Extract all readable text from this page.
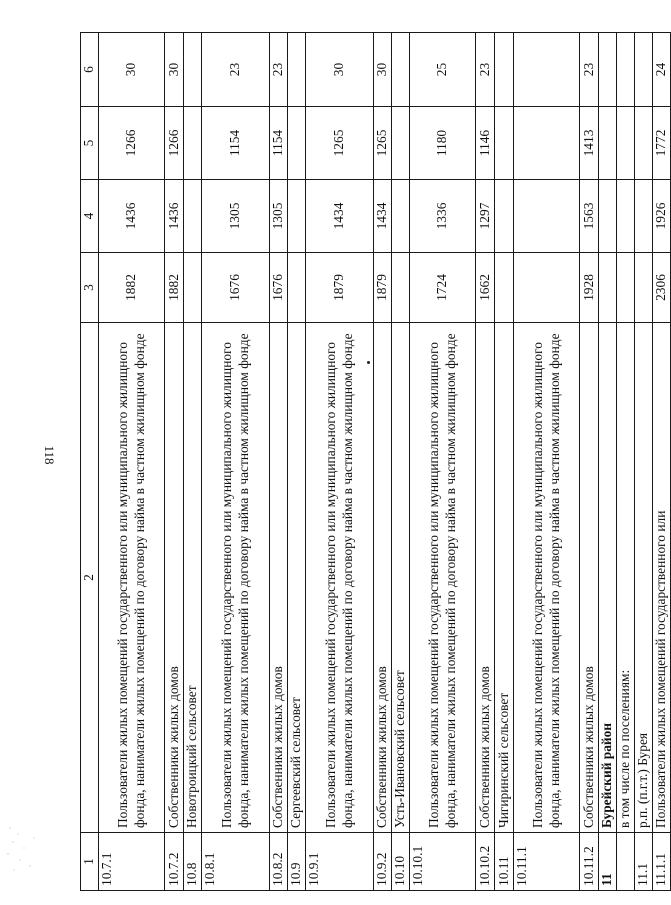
118
1	2	3	4	5	6
10.7.1	Пользователи жилых помещений государственного или муниципального жилищного фонда, наниматели жилых помещений по договору найма в частном жилищном фонде	1882	1436	1266	30
10.7.2	Собственники жилых домов	1882	1436	1266	30
10.8	Новотроицкий сельсовет				
10.8.1	Пользователи жилых помещений государственного или муниципального жилищного фонда, наниматели жилых помещений по договору найма в частном жилищном фонде	1676	1305	1154	23
10.8.2	Собственники жилых домов	1676	1305	1154	23
10.9	Сергеевский сельсовет				
10.9.1	Пользователи жилых помещений государственного или муниципального жилищного фонда, наниматели жилых помещений по договору найма в частном жилищном фонде	1879	1434	1265	30
10.9.2	Собственники жилых домов	1879	1434	1265	30
10.10	Усть-Ивановский сельсовет				
10.10.1	Пользователи жилых помещений государственного или муниципального жилищного фонда, наниматели жилых помещений по договору найма в частном жилищном фонде	1724	1336	1180	25
10.10.2	Собственники жилых домов	1662	1297	1146	23
10.11	Чигиринский сельсовет				
10.11.1	Пользователи жилых помещений государственного или муниципального жилищного фонда, наниматели жилых помещений по договору найма в частном жилищном фонде				
10.11.2	Собственники жилых домов	1928	1563	1413	23
11	Бурейский район				
	в том числе по поселениям:				
11.1	р.п. (п.г.т.) Бурея				
11.1.1	Пользователи жилых помещений государственного или	2306	1926	1772	24
